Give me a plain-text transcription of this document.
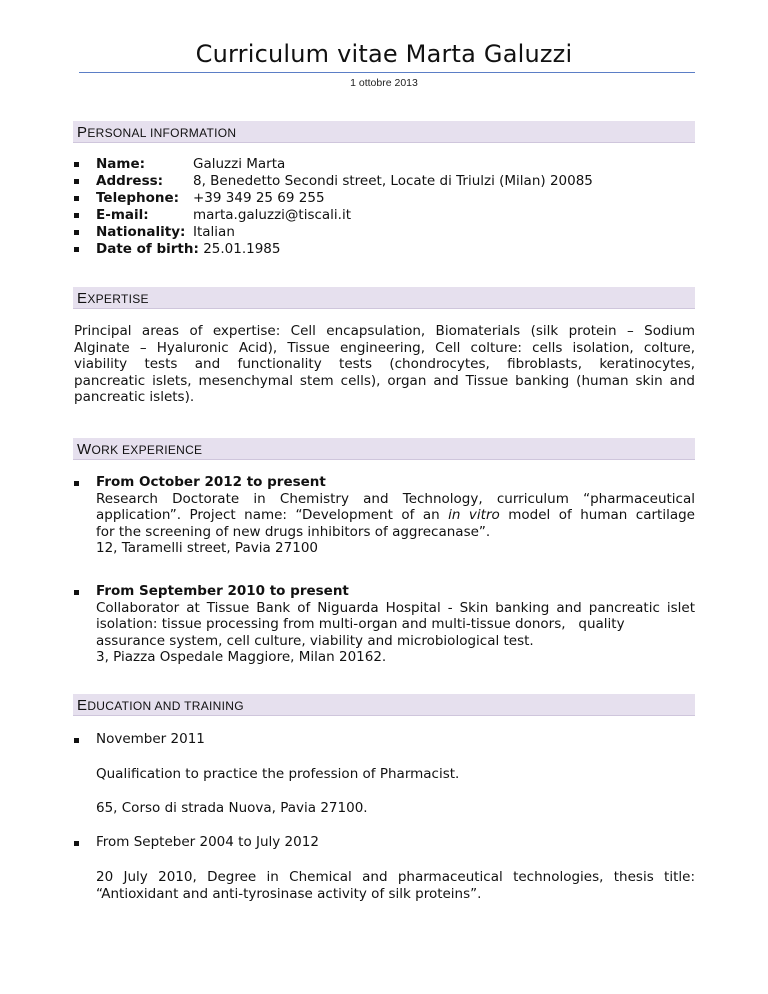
Curriculum vitae Marta Galuzzi
1 ottobre 2013
PERSONAL INFORMATION
Name:	Galuzzi Marta
Address: 8, Benedetto Secondi street, Locate di Triulzi (Milan) 20085
Telephone: +39 349 25 69 255
E-mail:	marta.galuzzi@tiscali.it
Nationality: Italian
Date of birth: 25.01.1985
EXPERTISE
Principal areas of expertise: Cell encapsulation, Biomaterials (silk protein – Sodium
Alginate – Hyaluronic Acid), Tissue engineering, Cell colture: cells isolation, colture,
viability tests and functionality tests (chondrocytes, fibroblasts, keratinocytes,
pancreatic islets, mesenchymal stem cells), organ and Tissue banking (human skin and
pancreatic islets).
WORK EXPERIENCE
From October 2012 to present
Research Doctorate in Chemistry and Technology, curriculum “pharmaceutical
application”. Project name: “Development of an in vitro model of human cartilage
for the screening of new drugs inhibitors of aggrecanase”.
12, Taramelli street, Pavia 27100
From September 2010 to present
Collaborator at Tissue Bank of Niguarda Hospital - Skin banking and pancreatic islet
isolation: tissue processing from multi-organ and multi-tissue donors,   quality
assurance system, cell culture, viability and microbiological test.
3, Piazza Ospedale Maggiore, Milan 20162.
EDUCATION AND TRAINING
November 2011
Qualification to practice the profession of Pharmacist.
65, Corso di strada Nuova, Pavia 27100.
From Septeber 2004 to July 2012
20 July 2010, Degree in Chemical and pharmaceutical technologies, thesis title:
“Antioxidant and anti-tyrosinase activity of silk proteins”.
